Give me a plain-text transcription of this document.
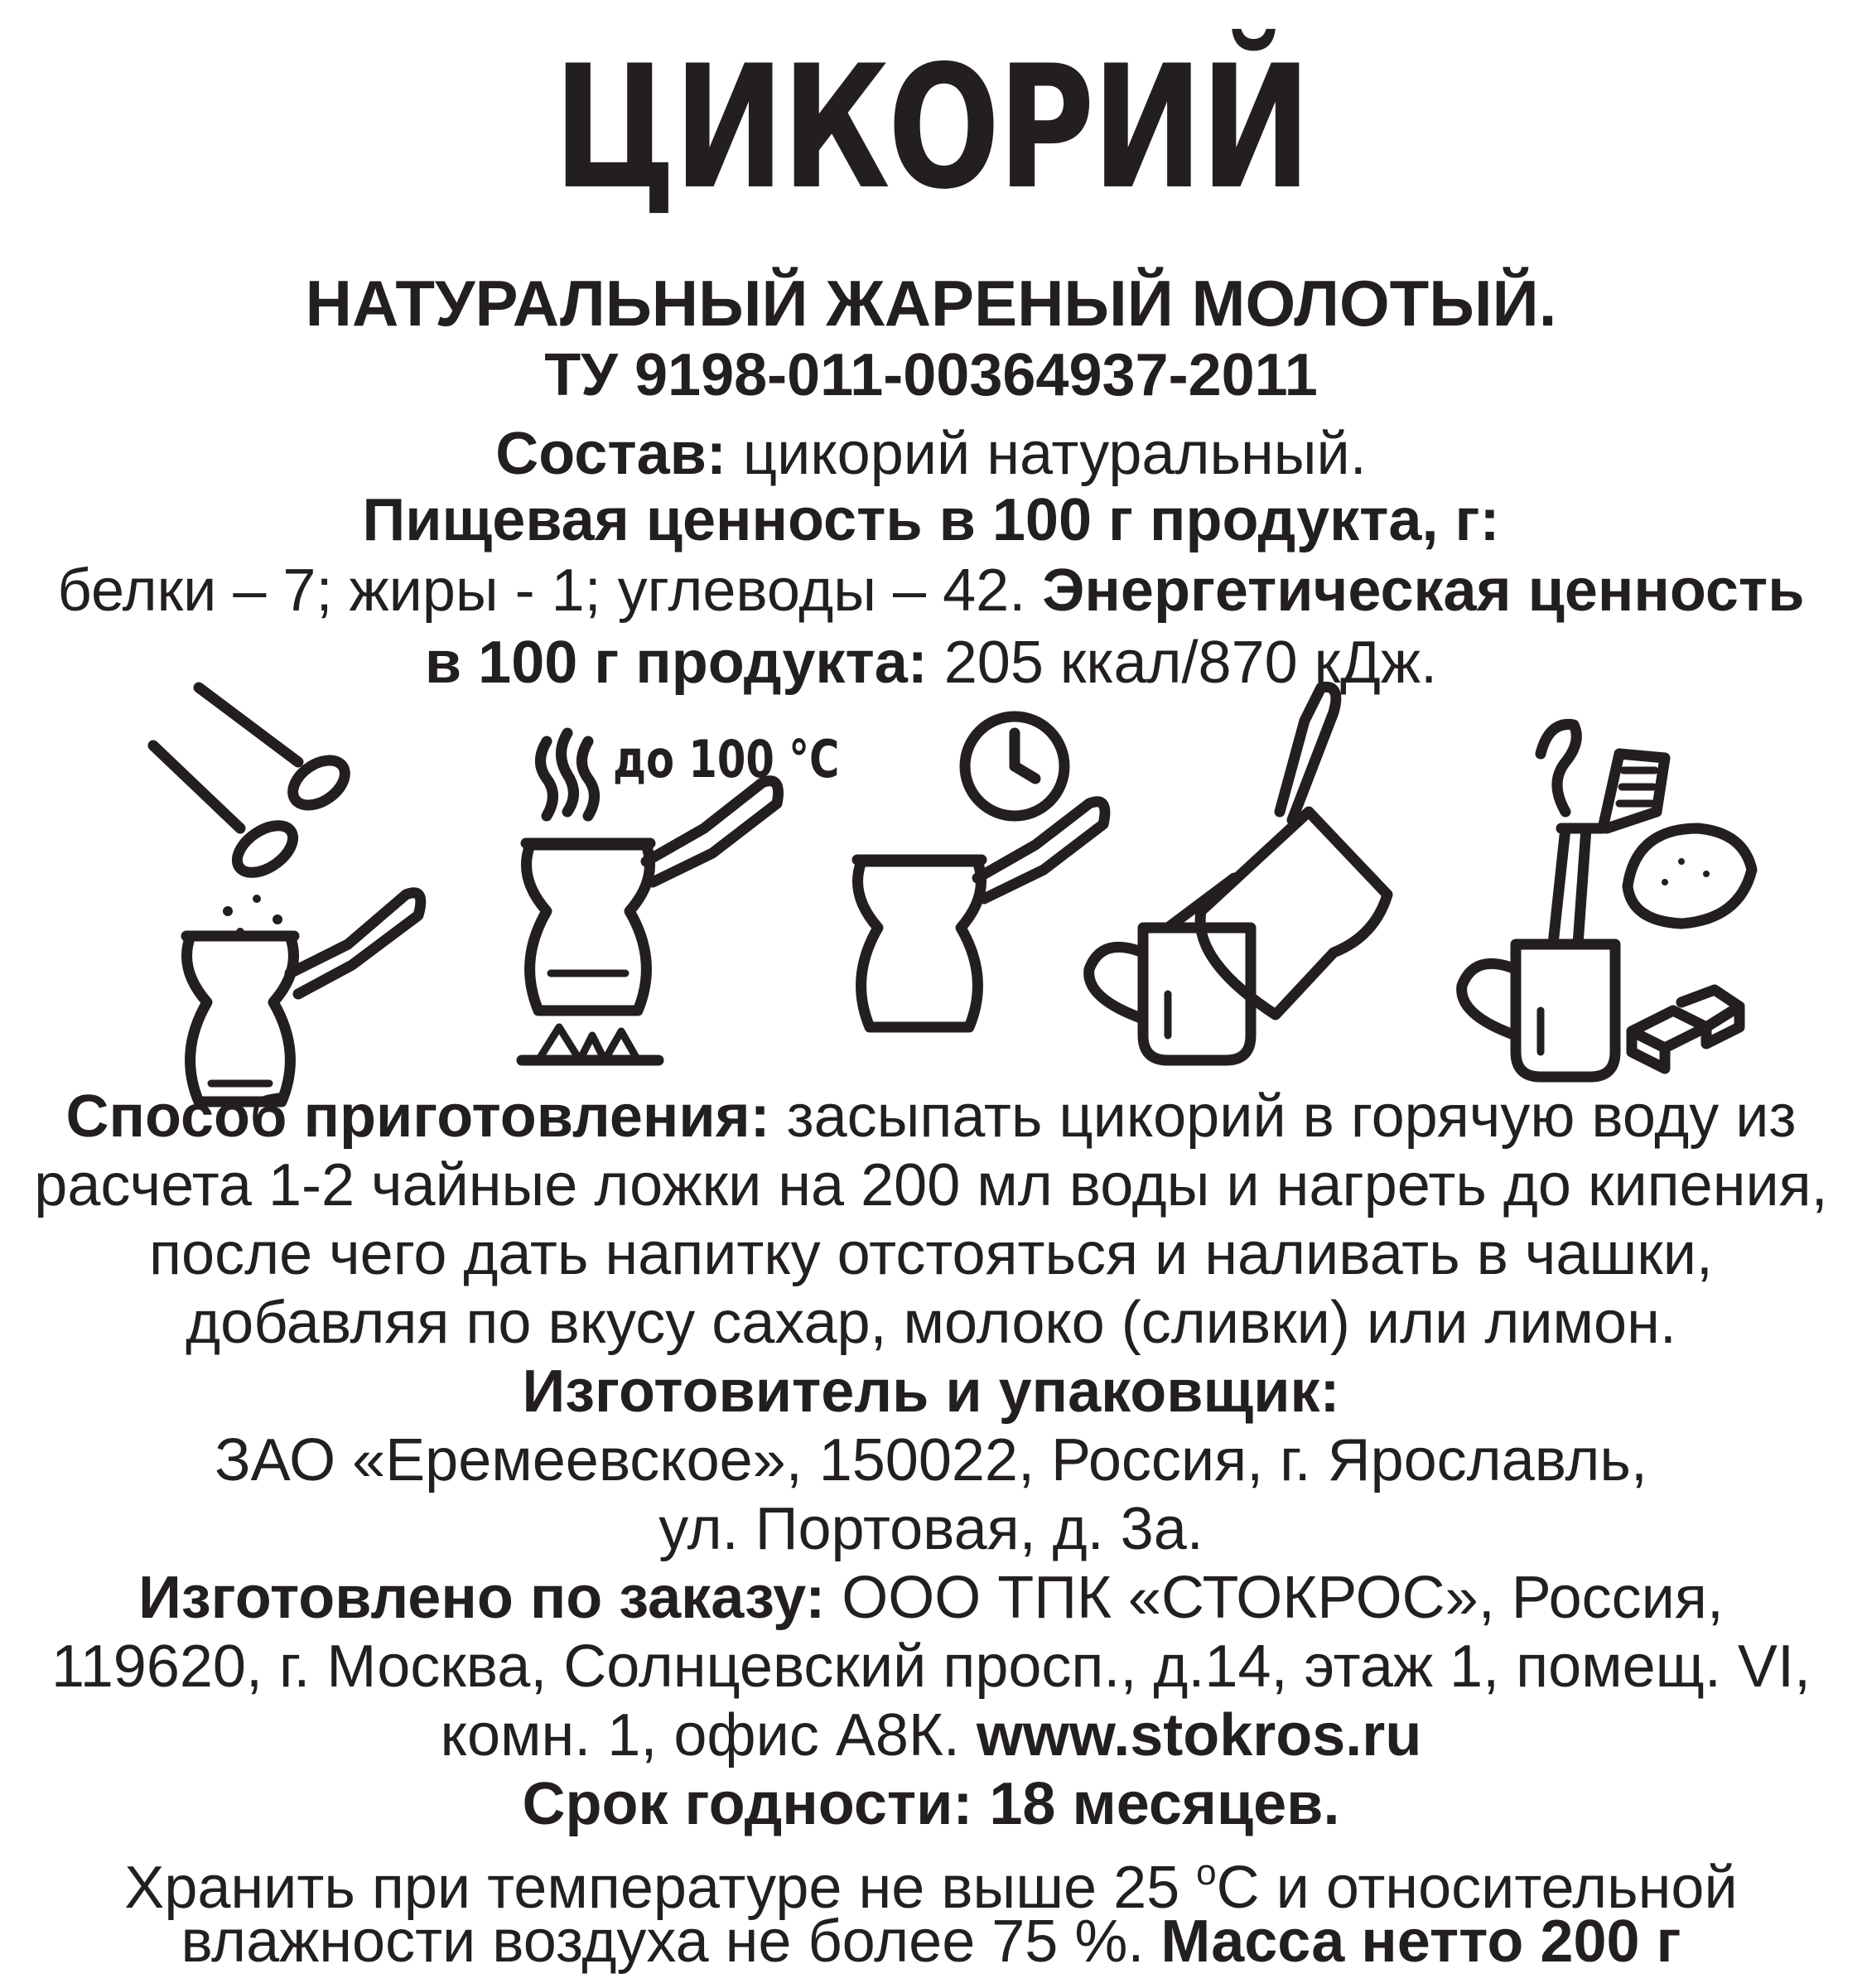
ЦИКОРИЙ
НАТУРАЛЬНЫЙ ЖАРЕНЫЙ МОЛОТЫЙ.
ТУ 9198-011-00364937-2011
Состав: цикорий натуральный.
Пищевая ценность в 100 г продукта, г:
белки – 7; жиры - 1; углеводы – 42. Энергетическая ценность
в 100 г продукта: 205 ккал/870 кДж.
до 100 °С
Способ приготовления: засыпать цикорий в горячую воду из
расчета 1-2 чайные ложки на 200 мл воды и нагреть до кипения,
после чего дать напитку отстояться и наливать в чашки,
добавляя по вкусу сахар, молоко (сливки) или лимон.
Изготовитель и упаковщик:
ЗАО «Еремеевское», 150022, Россия, г. Ярославль,
ул. Портовая, д. 3а.
Изготовлено по заказу: ООО ТПК «СТОКРОС», Россия,
119620, г. Москва, Солнцевский просп., д.14, этаж 1, помещ. VI,
комн. 1, офис А8К. www.stokros.ru
Срок годности: 18 месяцев.
Хранить при температуре не выше 25 $^о$С и относительной
влажности воздуха не более 75 %. Масса нетто 200 г
